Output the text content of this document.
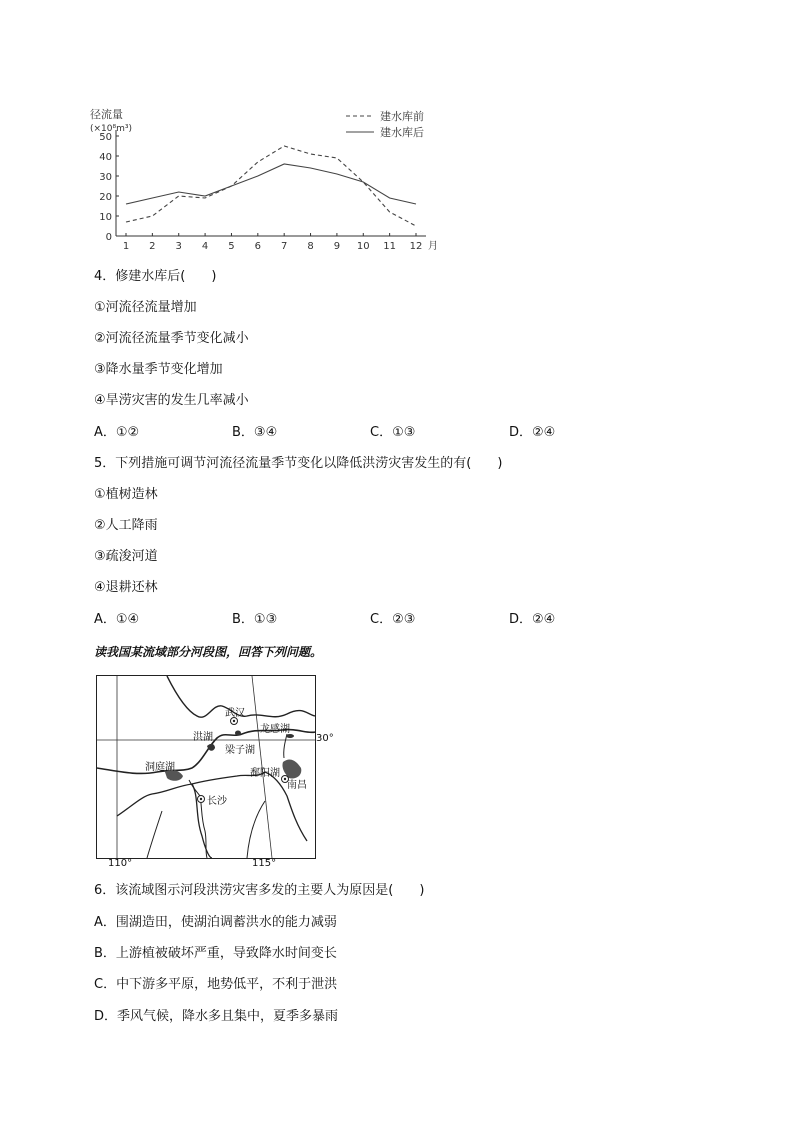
0
10
20
30
40
50
1 2 3 4 5 6 7 8 9 10 11 12 月
径流量
(×10⁸m³)
建水库前
建水库后
4．修建水库后(　　)
①河流径流量增加
②河流径流量季节变化减小
③降水量季节变化增加
④旱涝灾害的发生几率减小
A．①②	B．③④	C．①③	D．②④
5．下列措施可调节河流径流量季节变化以降低洪涝灾害发生的有(　　)
①植树造林
②人工降雨
③疏浚河道
④退耕还林
A．①④	B．①③	C．②③	D．②④
读我国某流域部分河段图，回答下列问题。
武汉
洪湖
梁子湖
龙感湖
洞庭湖
鄱阳湖
南昌
长沙
30°
110°	115°
6．该流域图示河段洪涝灾害多发的主要人为原因是(　　)
A．围湖造田，使湖泊调蓄洪水的能力减弱
B．上游植被破坏严重，导致降水时间变长
C．中下游多平原，地势低平，不利于泄洪
D．季风气候，降水多且集中，夏季多暴雨
